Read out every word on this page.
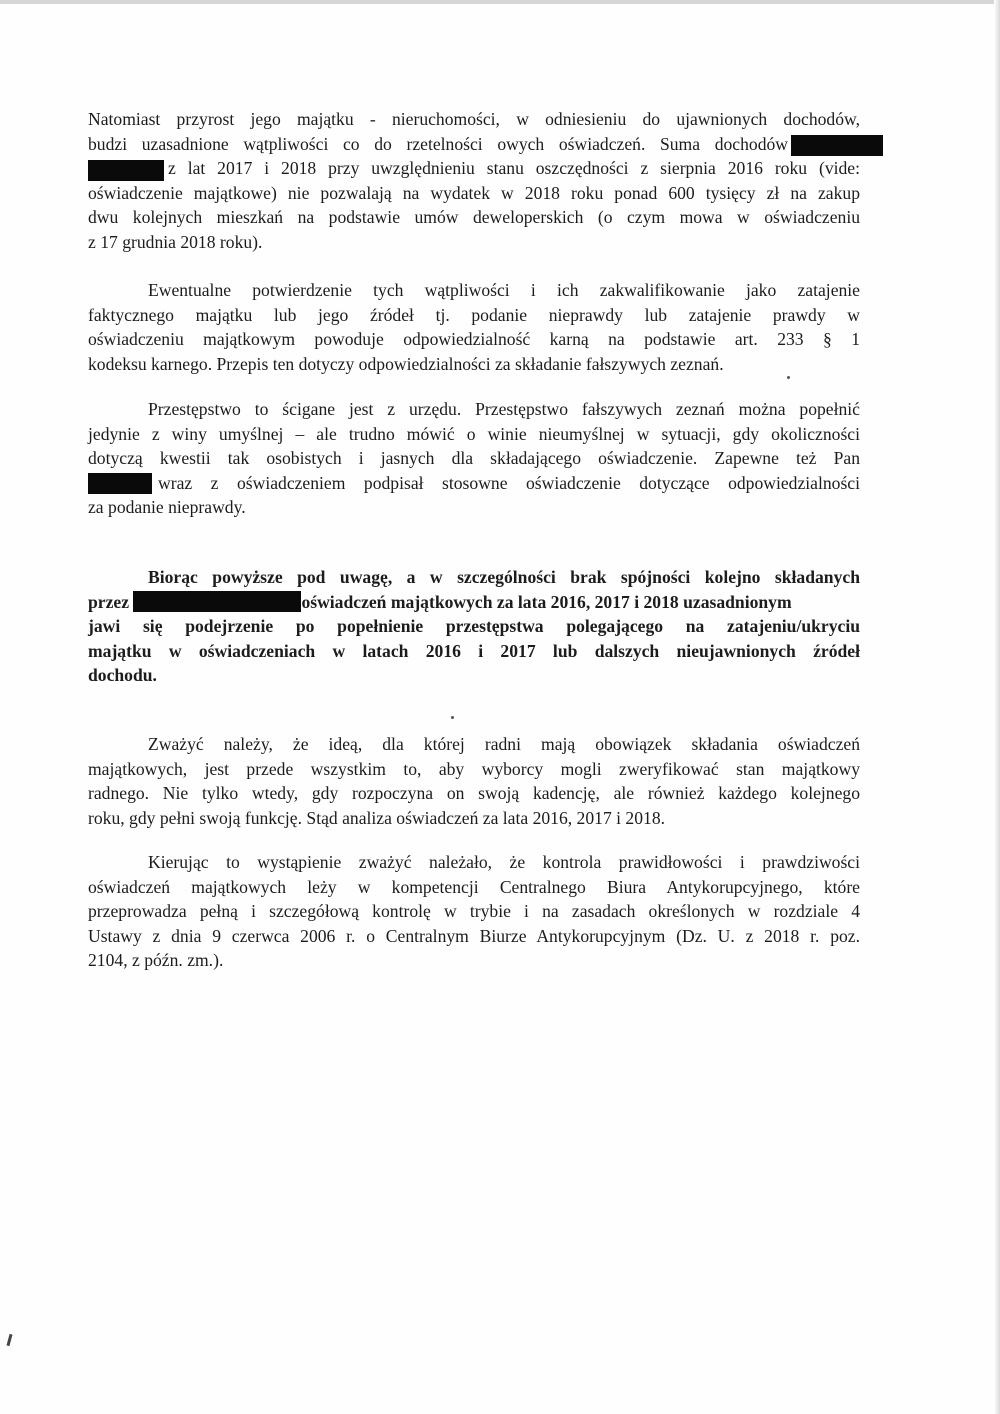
Natomiast przyrost jego majątku - nieruchomości, w odniesieniu do ujawnionych dochodów,
budzi uzasadnione wątpliwości co do rzetelności owych oświadczeń. Suma dochodów
z lat 2017 i 2018 przy uwzględnieniu stanu oszczędności z sierpnia 2016 roku (vide:
oświadczenie majątkowe) nie pozwalają na wydatek w 2018 roku ponad 600 tysięcy zł na zakup
dwu kolejnych mieszkań na podstawie umów deweloperskich (o czym mowa w oświadczeniu
z 17 grudnia 2018 roku).
Ewentualne potwierdzenie tych wątpliwości i ich zakwalifikowanie jako zatajenie
faktycznego majątku lub jego źródeł tj. podanie nieprawdy lub zatajenie prawdy w
oświadczeniu majątkowym powoduje odpowiedzialność karną na podstawie art. 233 § 1
kodeksu karnego. Przepis ten dotyczy odpowiedzialności za składanie fałszywych zeznań.
Przestępstwo to ścigane jest z urzędu. Przestępstwo fałszywych zeznań można popełnić
jedynie z winy umyślnej – ale trudno mówić o winie nieumyślnej w sytuacji, gdy okoliczności
dotyczą kwestii tak osobistych i jasnych dla składającego oświadczenie. Zapewne też Pan
wraz z oświadczeniem podpisał stosowne oświadczenie dotyczące odpowiedzialności
za podanie nieprawdy.
Biorąc powyższe pod uwagę, a w szczególności brak spójności kolejno składanych
przez	oświadczeń majątkowych za lata 2016, 2017 i 2018 uzasadnionym
jawi się podejrzenie po popełnienie przestępstwa polegającego na zatajeniu/ukryciu
majątku w oświadczeniach w latach 2016 i 2017 lub dalszych nieujawnionych źródeł
dochodu.
Zważyć należy, że ideą, dla której radni mają obowiązek składania oświadczeń
majątkowych, jest przede wszystkim to, aby wyborcy mogli zweryfikować stan majątkowy
radnego. Nie tylko wtedy, gdy rozpoczyna on swoją kadencję, ale również każdego kolejnego
roku, gdy pełni swoją funkcję. Stąd analiza oświadczeń za lata 2016, 2017 i 2018.
Kierując to wystąpienie zważyć należało, że kontrola prawidłowości i prawdziwości
oświadczeń majątkowych leży w kompetencji Centralnego Biura Antykorupcyjnego, które
przeprowadza pełną i szczegółową kontrolę w trybie i na zasadach określonych w rozdziale 4
Ustawy z dnia 9 czerwca 2006 r. o Centralnym Biurze Antykorupcyjnym (Dz. U. z 2018 r. poz.
2104, z późn. zm.).
